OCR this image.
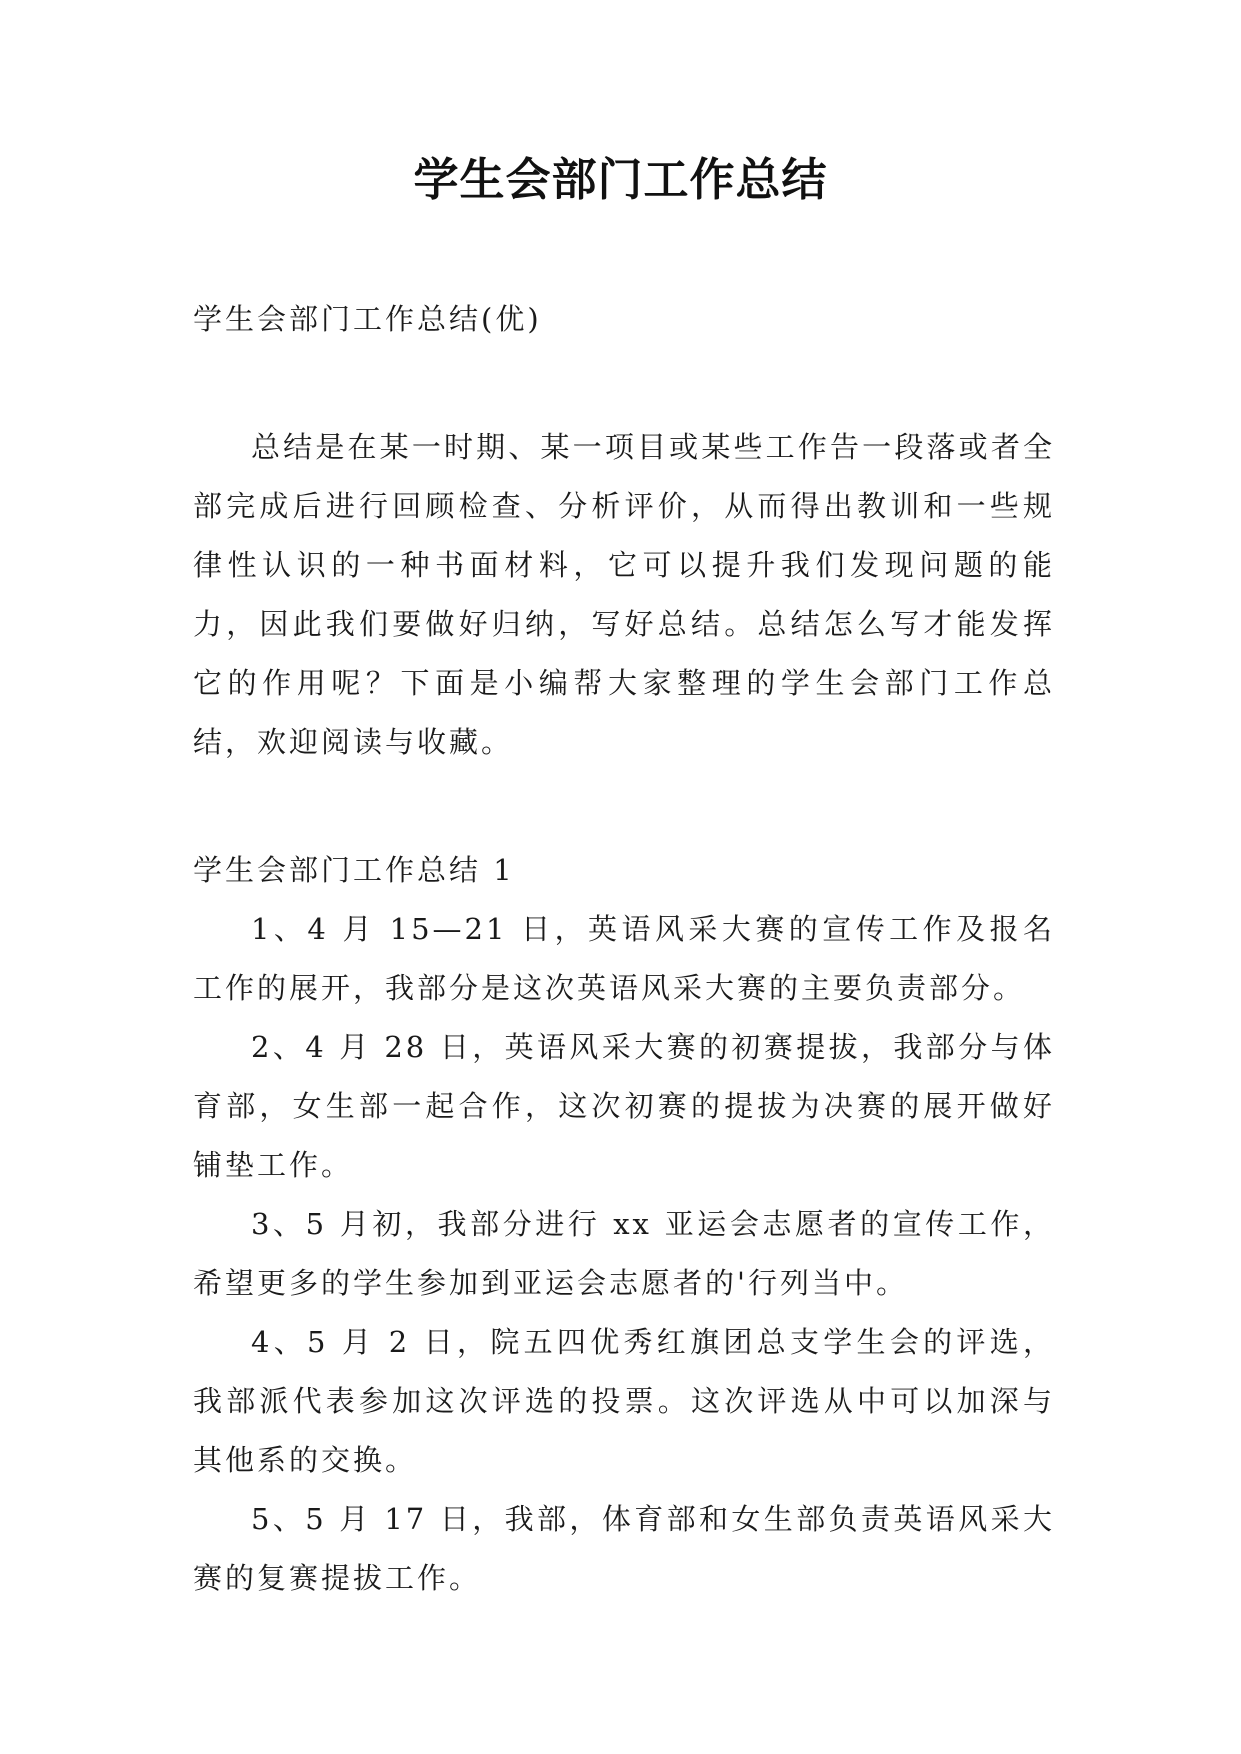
学生会部门工作总结

学生会部门工作总结(优)

总结是在某一时期、某一项目或某些工作告一段落或者全部完成后进行回顾检查、分析评价，从而得出教训和一些规律性认识的一种书面材料，它可以提升我们发现问题的能力，因此我们要做好归纳，写好总结。总结怎么写才能发挥它的作用呢？下面是小编帮大家整理的学生会部门工作总结，欢迎阅读与收藏。

学生会部门工作总结 1

1、4 月 15—21 日，英语风采大赛的宣传工作及报名工作的展开，我部分是这次英语风采大赛的主要负责部分。

2、4 月 28 日，英语风采大赛的初赛提拔，我部分与体育部，女生部一起合作，这次初赛的提拔为决赛的展开做好铺垫工作。

3、5 月初，我部分进行 xx 亚运会志愿者的宣传工作，希望更多的学生参加到亚运会志愿者的'行列当中。

4、5 月 2 日，院五四优秀红旗团总支学生会的评选，我部派代表参加这次评选的投票。这次评选从中可以加深与其他系的交换。

5、5 月 17 日，我部，体育部和女生部负责英语风采大赛的复赛提拔工作。
